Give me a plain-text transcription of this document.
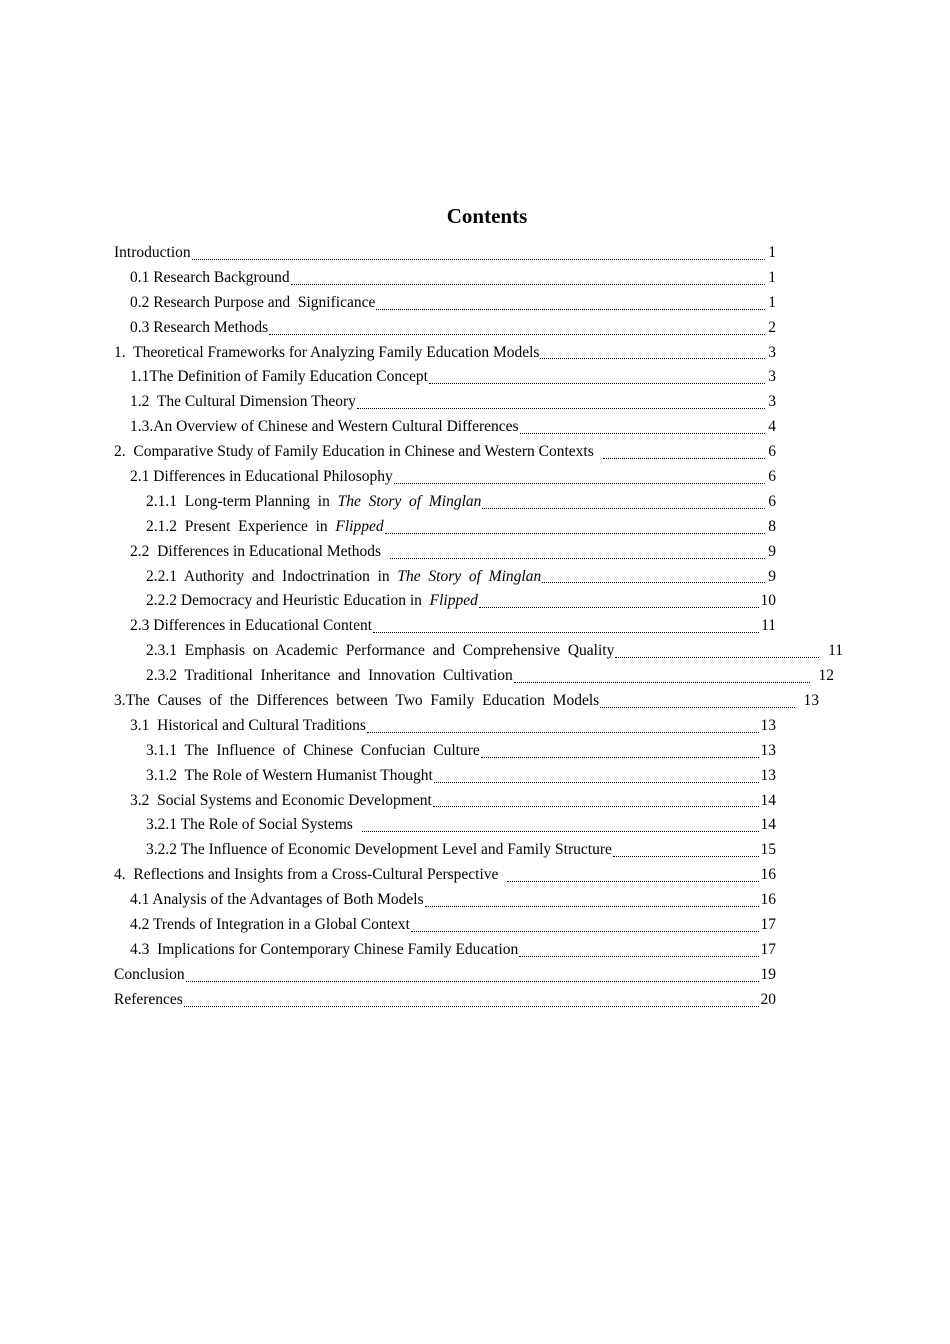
Contents
Introduction	1
0.1 Research Background	1
0.2 Research Purpose and  Significance	1
0.3 Research Methods	2
1.  Theoretical Frameworks for Analyzing Family Education Models	3
1.1The Definition of Family Education Concept	3
1.2  The Cultural Dimension Theory	3
1.3.An Overview of Chinese and Western Cultural Differences	4
2.  Comparative Study of Family Education in Chinese and Western Contexts	6
2.1 Differences in Educational Philosophy	6
2.1.1  Long-term Planning  in  The  Story  of  Minglan	6
2.1.2  Present  Experience  in  Flipped	8
2.2  Differences in Educational Methods	9
2.2.1  Authority  and  Indoctrination  in  The  Story  of  Minglan	9
2.2.2 Democracy and Heuristic Education in  Flipped	10
2.3 Differences in Educational Content	11
2.3.1  Emphasis  on  Academic  Performance  and  Comprehensive  Quality	11
2.3.2  Traditional  Inheritance  and  Innovation  Cultivation	12
3.The  Causes  of  the  Differences  between  Two  Family  Education  Models	13
3.1  Historical and Cultural Traditions	13
3.1.1  The  Influence  of  Chinese  Confucian  Culture	13
3.1.2  The Role of Western Humanist Thought	13
3.2  Social Systems and Economic Development	14
3.2.1 The Role of Social Systems	14
3.2.2 The Influence of Economic Development Level and Family Structure	15
4.  Reflections and Insights from a Cross-Cultural Perspective	16
4.1 Analysis of the Advantages of Both Models	16
4.2 Trends of Integration in a Global Context	17
4.3  Implications for Contemporary Chinese Family Education	17
Conclusion	19
References	20
